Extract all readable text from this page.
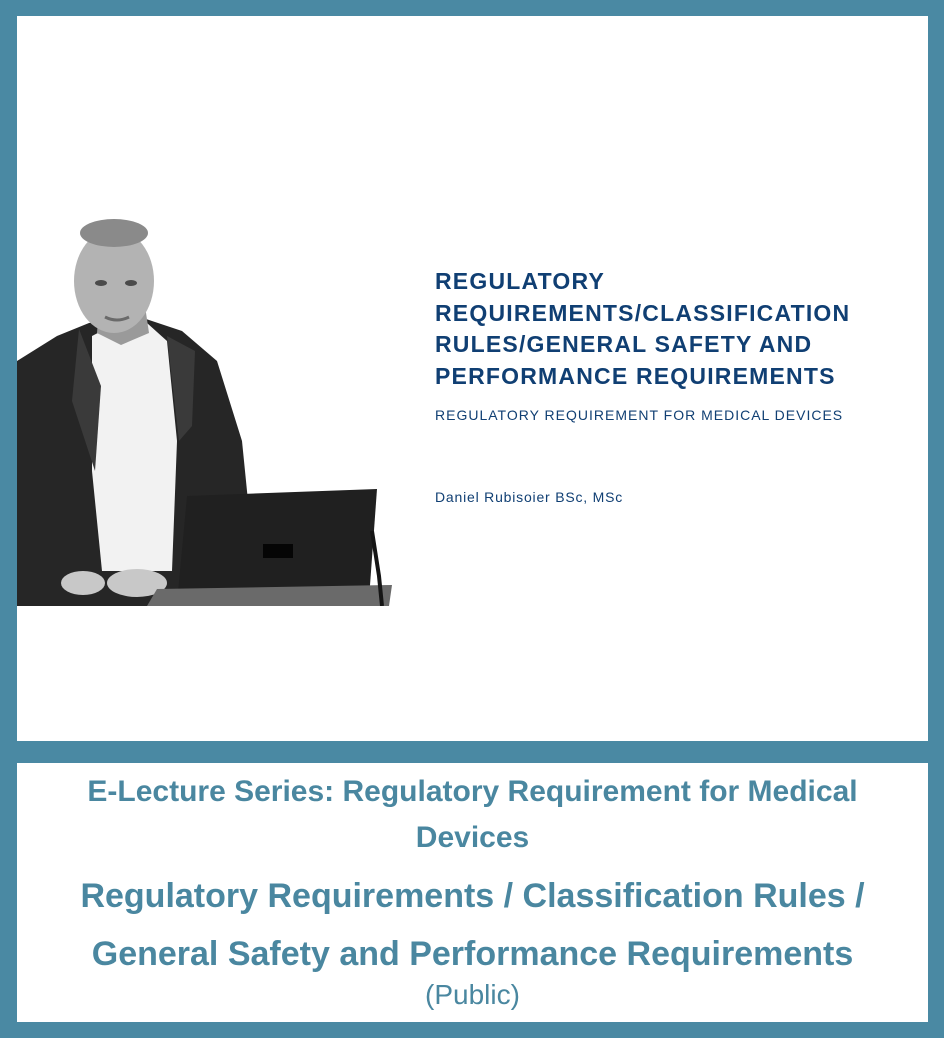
REGULATORY REQUIREMENTS/CLASSIFICATION RULES/GENERAL SAFETY AND PERFORMANCE REQUIREMENTS

REGULATORY REQUIREMENT FOR MEDICAL DEVICES

Daniel Rubisoier BSc, MSc

E-Lecture Series: Regulatory Requirement for Medical Devices

Regulatory Requirements / Classification Rules / General Safety and Performance Requirements

(Public)
